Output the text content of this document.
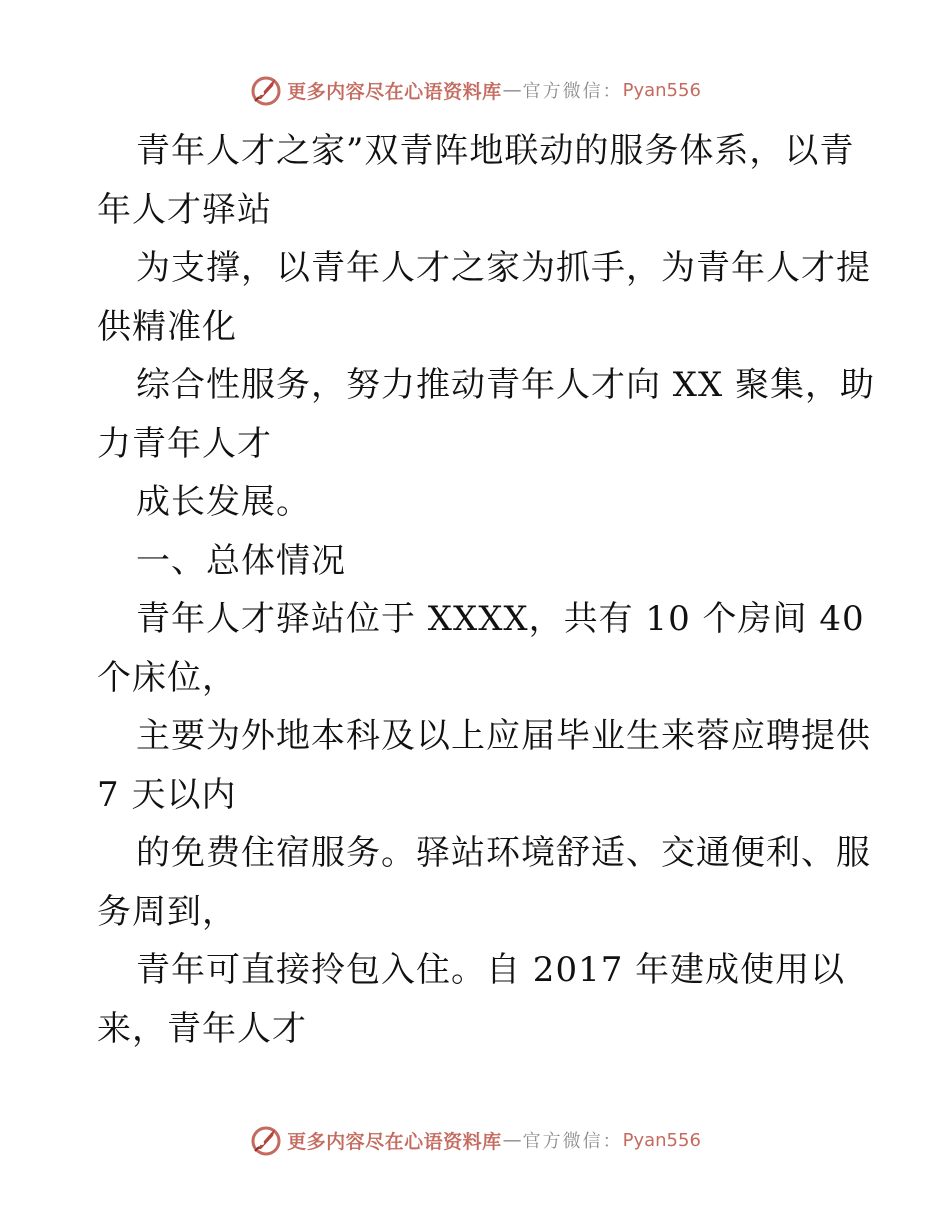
更多内容尽在心语资料库 — 官方微信： Pyan556
青年人才之家”双青阵地联动的服务体系，以青
年人才驿站
为支撑，以青年人才之家为抓手，为青年人才提
供精准化
综合性服务，努力推动青年人才向 XX 聚集，助
力青年人才
成长发展。
一、总体情况
青年人才驿站位于 XXXX，共有 10 个房间 40
个床位，
主要为外地本科及以上应届毕业生来蓉应聘提供
7 天以内
的免费住宿服务。驿站环境舒适、交通便利、服
务周到，
青年可直接拎包入住。自 2017 年建成使用以
来，青年人才
更多内容尽在心语资料库 — 官方微信： Pyan556
